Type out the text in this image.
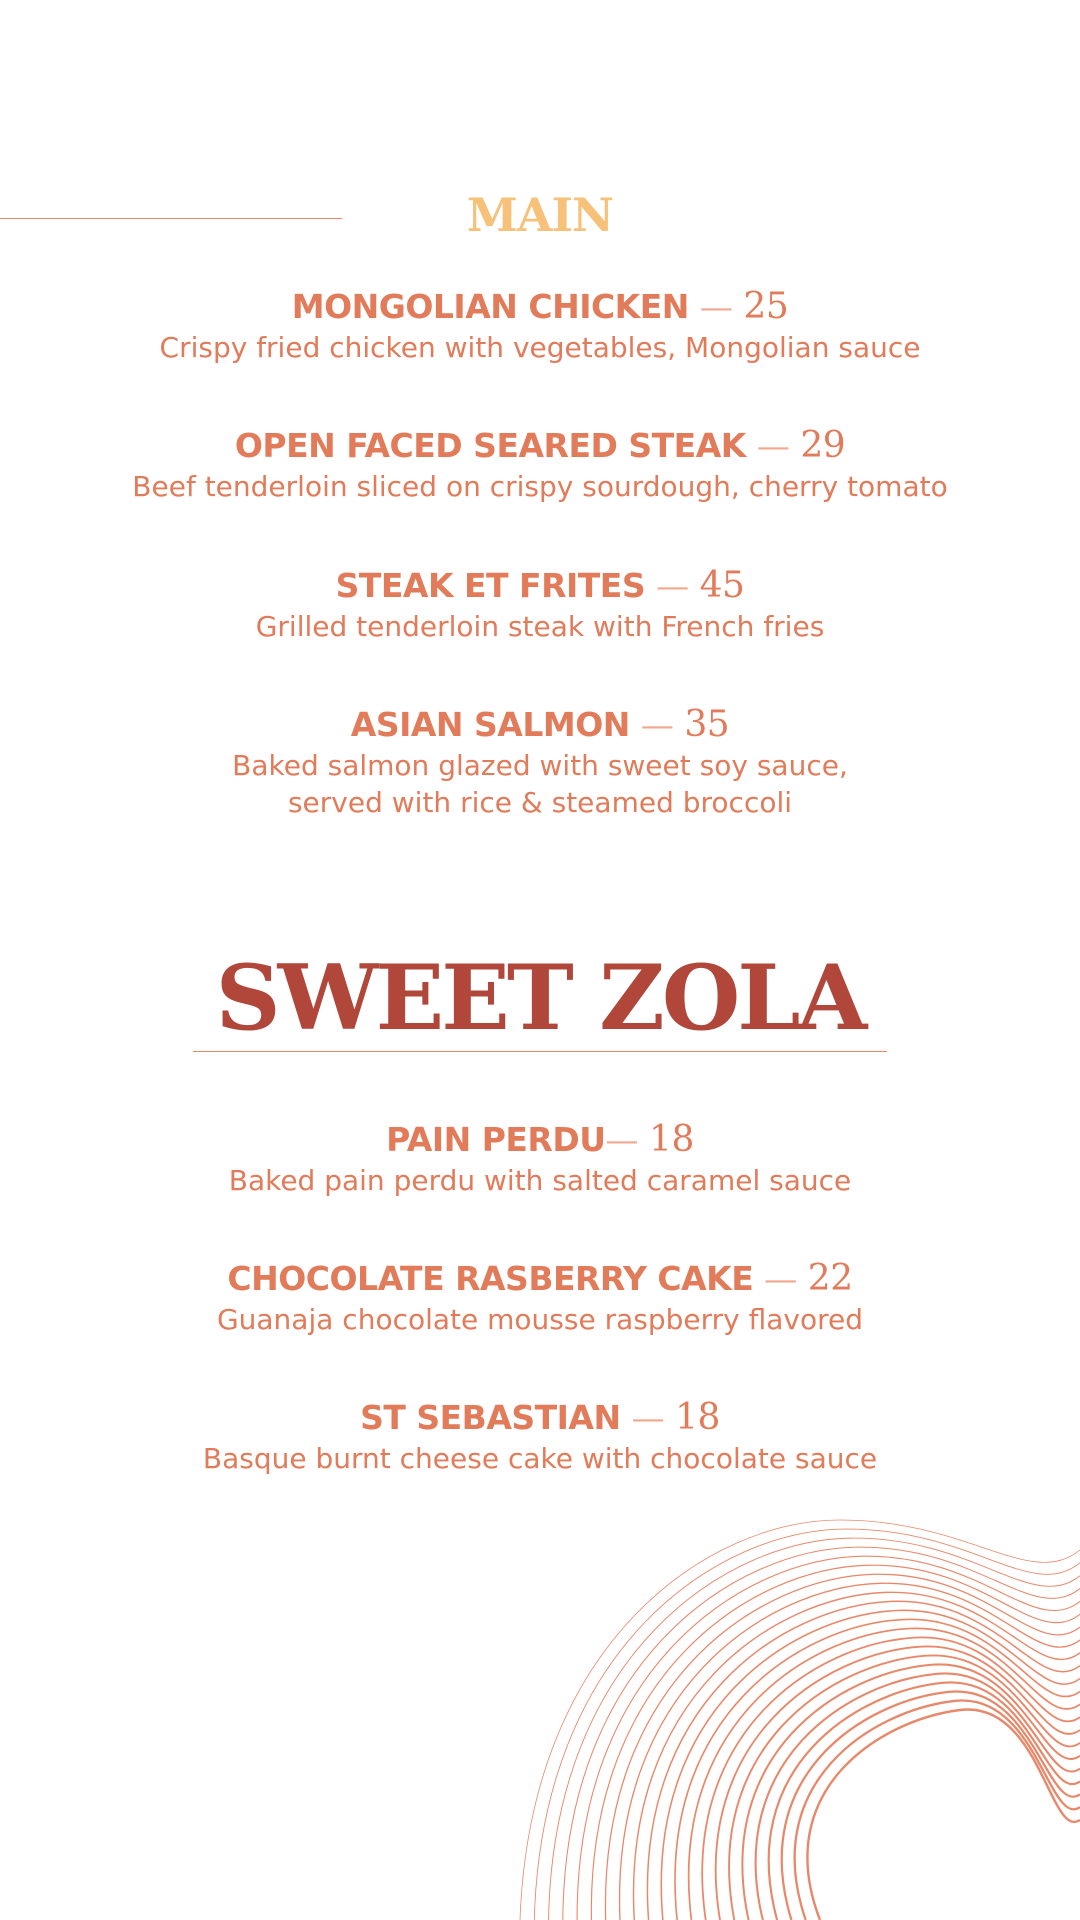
MAIN
MONGOLIAN CHICKEN — 25
Crispy fried chicken with vegetables, Mongolian sauce
OPEN FACED SEARED STEAK — 29
Beef tenderloin sliced on crispy sourdough, cherry tomato
STEAK ET FRITES — 45
Grilled tenderloin steak with French fries
ASIAN SALMON — 35
Baked salmon glazed with sweet soy sauce,
served with rice & steamed broccoli
SWEET ZOLA
PAIN PERDU— 18
Baked pain perdu with salted caramel sauce
CHOCOLATE RASBERRY CAKE — 22
Guanaja chocolate mousse raspberry flavored
ST SEBASTIAN — 18
Basque burnt cheese cake with chocolate sauce
